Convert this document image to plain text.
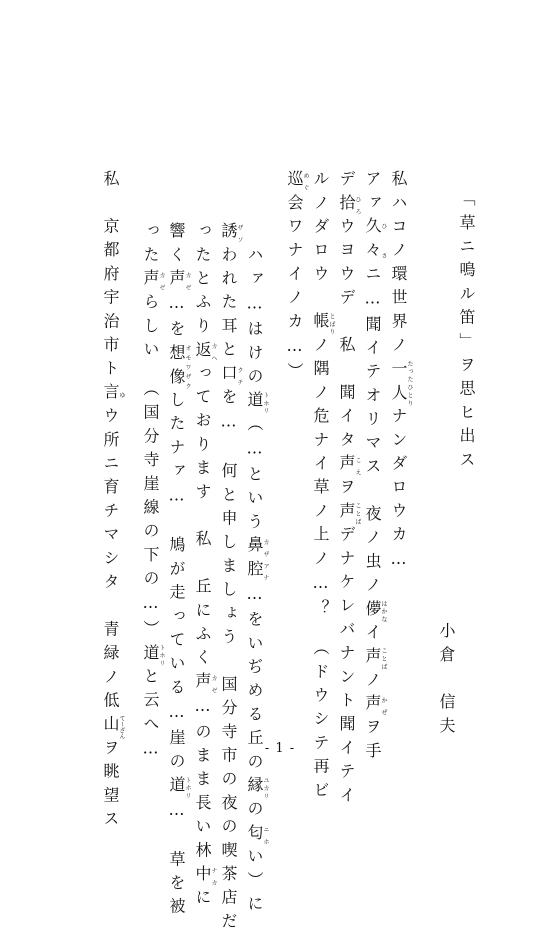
「草ニ鳴ル笛」ヲ思ヒ出ス

小倉　信夫

私ハコノ環世界ノ一人たったひとりナンダロウカ…

アァ久々ひさニ…聞イテオリマス　夜ノ虫ノ儚はかなイ声ことばノ声かぜヲ手

デ拾ひろウヨウデ　私　聞イタ声こえヲ声ことばデナケレバナント聞イテイ

ルノダロウ　帳とばりノ隅ノ危ナイ草ノ上ノ…？　（ドウシテ再ビ

巡めぐ会ワナイノカ…）

ハァ…はけの道トホリ（…という鼻腔カザアナ…をいぢめる丘の縁ユカリの匂ニホい）に

誘ザソわれた耳と口クチを…　何と申しましょう　国分寺市の夜の喫茶店だ

ったとふり返カヘっております　私　丘にふく声カゼ…のまま長い林中ナカに

響く声カゼ…を想像オモワザクしたナァ…　鳩が走っている…崖の道トホリ…　草を被

った声カゼらしい　（国分寺崖線の下の…）道トホリと云へ…

私　京都府宇治市ト言ゆウ所ニ育チマシタ　青緑ノ低山てーざんヲ眺望ス	- 1 -
